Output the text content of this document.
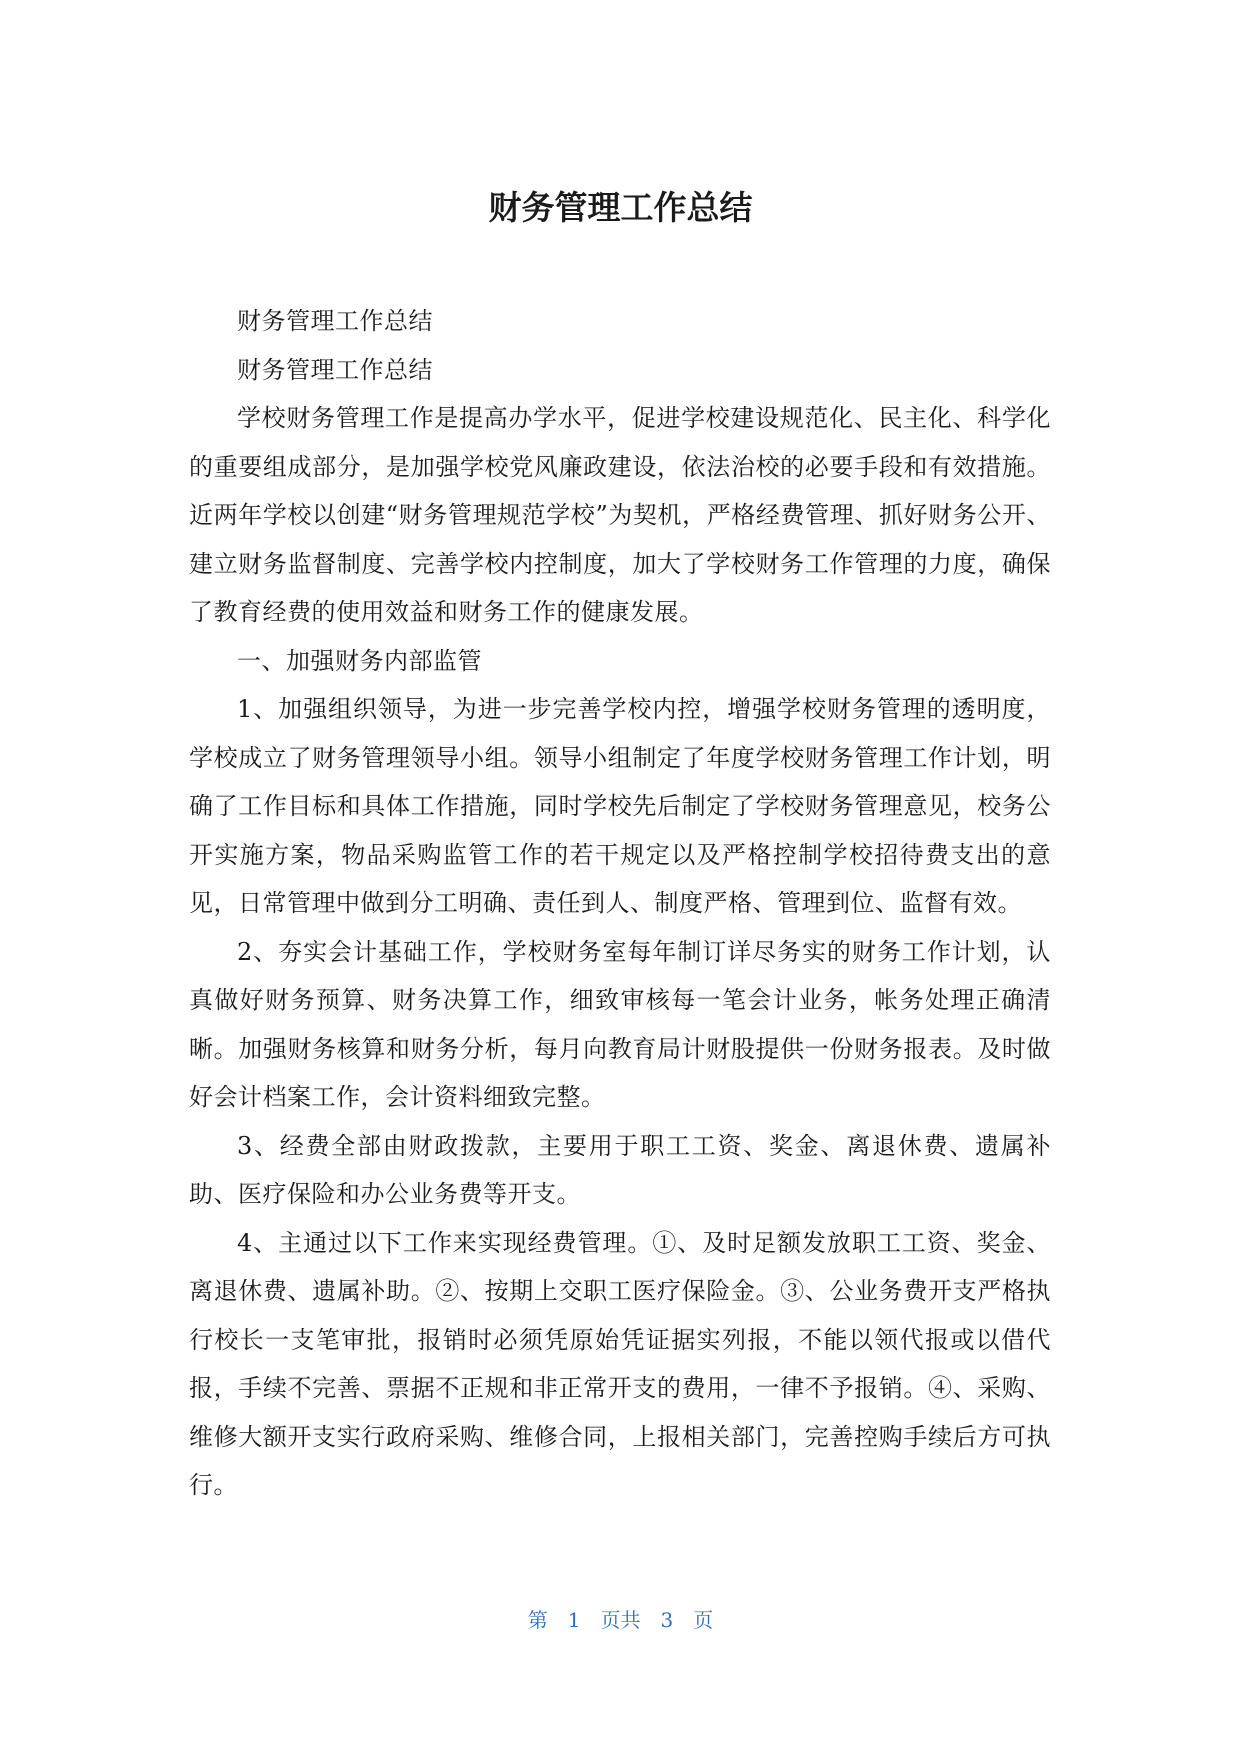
财务管理工作总结

财务管理工作总结

财务管理工作总结

学校财务管理工作是提高办学水平，促进学校建设规范化、民主化、科学化的重要组成部分，是加强学校党风廉政建设，依法治校的必要手段和有效措施。近两年学校以创建“财务管理规范学校”为契机，严格经费管理、抓好财务公开、建立财务监督制度、完善学校内控制度，加大了学校财务工作管理的力度，确保了教育经费的使用效益和财务工作的健康发展。

一、加强财务内部监管

1、加强组织领导，为进一步完善学校内控，增强学校财务管理的透明度，学校成立了财务管理领导小组。领导小组制定了年度学校财务管理工作计划，明确了工作目标和具体工作措施，同时学校先后制定了学校财务管理意见，校务公开实施方案，物品采购监管工作的若干规定以及严格控制学校招待费支出的意见，日常管理中做到分工明确、责任到人、制度严格、管理到位、监督有效。

2、夯实会计基础工作，学校财务室每年制订详尽务实的财务工作计划，认真做好财务预算、财务决算工作，细致审核每一笔会计业务，帐务处理正确清晰。加强财务核算和财务分析，每月向教育局计财股提供一份财务报表。及时做好会计档案工作，会计资料细致完整。

3、经费全部由财政拨款，主要用于职工工资、奖金、离退休费、遗属补助、医疗保险和办公业务费等开支。

4、主通过以下工作来实现经费管理。①、及时足额发放职工工资、奖金、离退休费、遗属补助。②、按期上交职工医疗保险金。③、公业务费开支严格执行校长一支笔审批，报销时必须凭原始凭证据实列报，不能以领代报或以借代报，手续不完善、票据不正规和非正常开支的费用，一律不予报销。④、采购、维修大额开支实行政府采购、维修合同，上报相关部门，完善控购手续后方可执行。

第 1 页共 3 页
